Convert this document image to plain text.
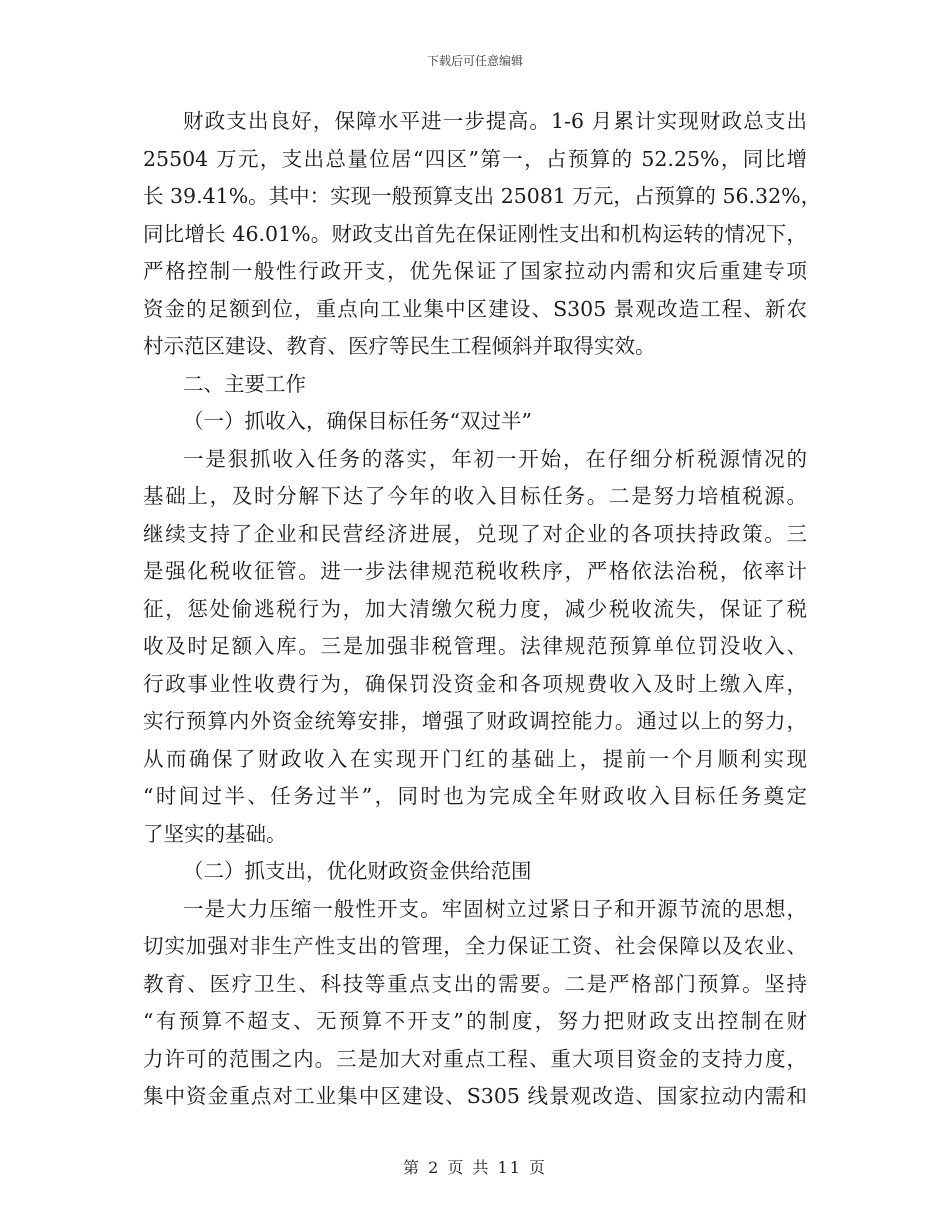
下载后可任意编辑
财政支出良好，保障水平进一步提高。1-6 月累计实现财政总支出
25504 万元，支出总量位居“四区”第一，占预算的 52.25%，同比增
长 39.41%。其中：实现一般预算支出 25081 万元，占预算的 56.32%，
同比增长 46.01%。财政支出首先在保证刚性支出和机构运转的情况下，
严格控制一般性行政开支，优先保证了国家拉动内需和灾后重建专项
资金的足额到位，重点向工业集中区建设、S305 景观改造工程、新农
村示范区建设、教育、医疗等民生工程倾斜并取得实效。
二、主要工作
（一）抓收入，确保目标任务“双过半”
一是狠抓收入任务的落实，年初一开始，在仔细分析税源情况的
基础上，及时分解下达了今年的收入目标任务。二是努力培植税源。
继续支持了企业和民营经济进展，兑现了对企业的各项扶持政策。三
是强化税收征管。进一步法律规范税收秩序，严格依法治税，依率计
征，惩处偷逃税行为，加大清缴欠税力度，减少税收流失，保证了税
收及时足额入库。三是加强非税管理。法律规范预算单位罚没收入、
行政事业性收费行为，确保罚没资金和各项规费收入及时上缴入库，
实行预算内外资金统筹安排，增强了财政调控能力。通过以上的努力，
从而确保了财政收入在实现开门红的基础上，提前一个月顺利实现
“时间过半、任务过半”，同时也为完成全年财政收入目标任务奠定
了坚实的基础。
（二）抓支出，优化财政资金供给范围
一是大力压缩一般性开支。牢固树立过紧日子和开源节流的思想，
切实加强对非生产性支出的管理，全力保证工资、社会保障以及农业、
教育、医疗卫生、科技等重点支出的需要。二是严格部门预算。坚持
“有预算不超支、无预算不开支”的制度，努力把财政支出控制在财
力许可的范围之内。三是加大对重点工程、重大项目资金的支持力度，
集中资金重点对工业集中区建设、S305 线景观改造、国家拉动内需和
第 2 页 共 11 页
